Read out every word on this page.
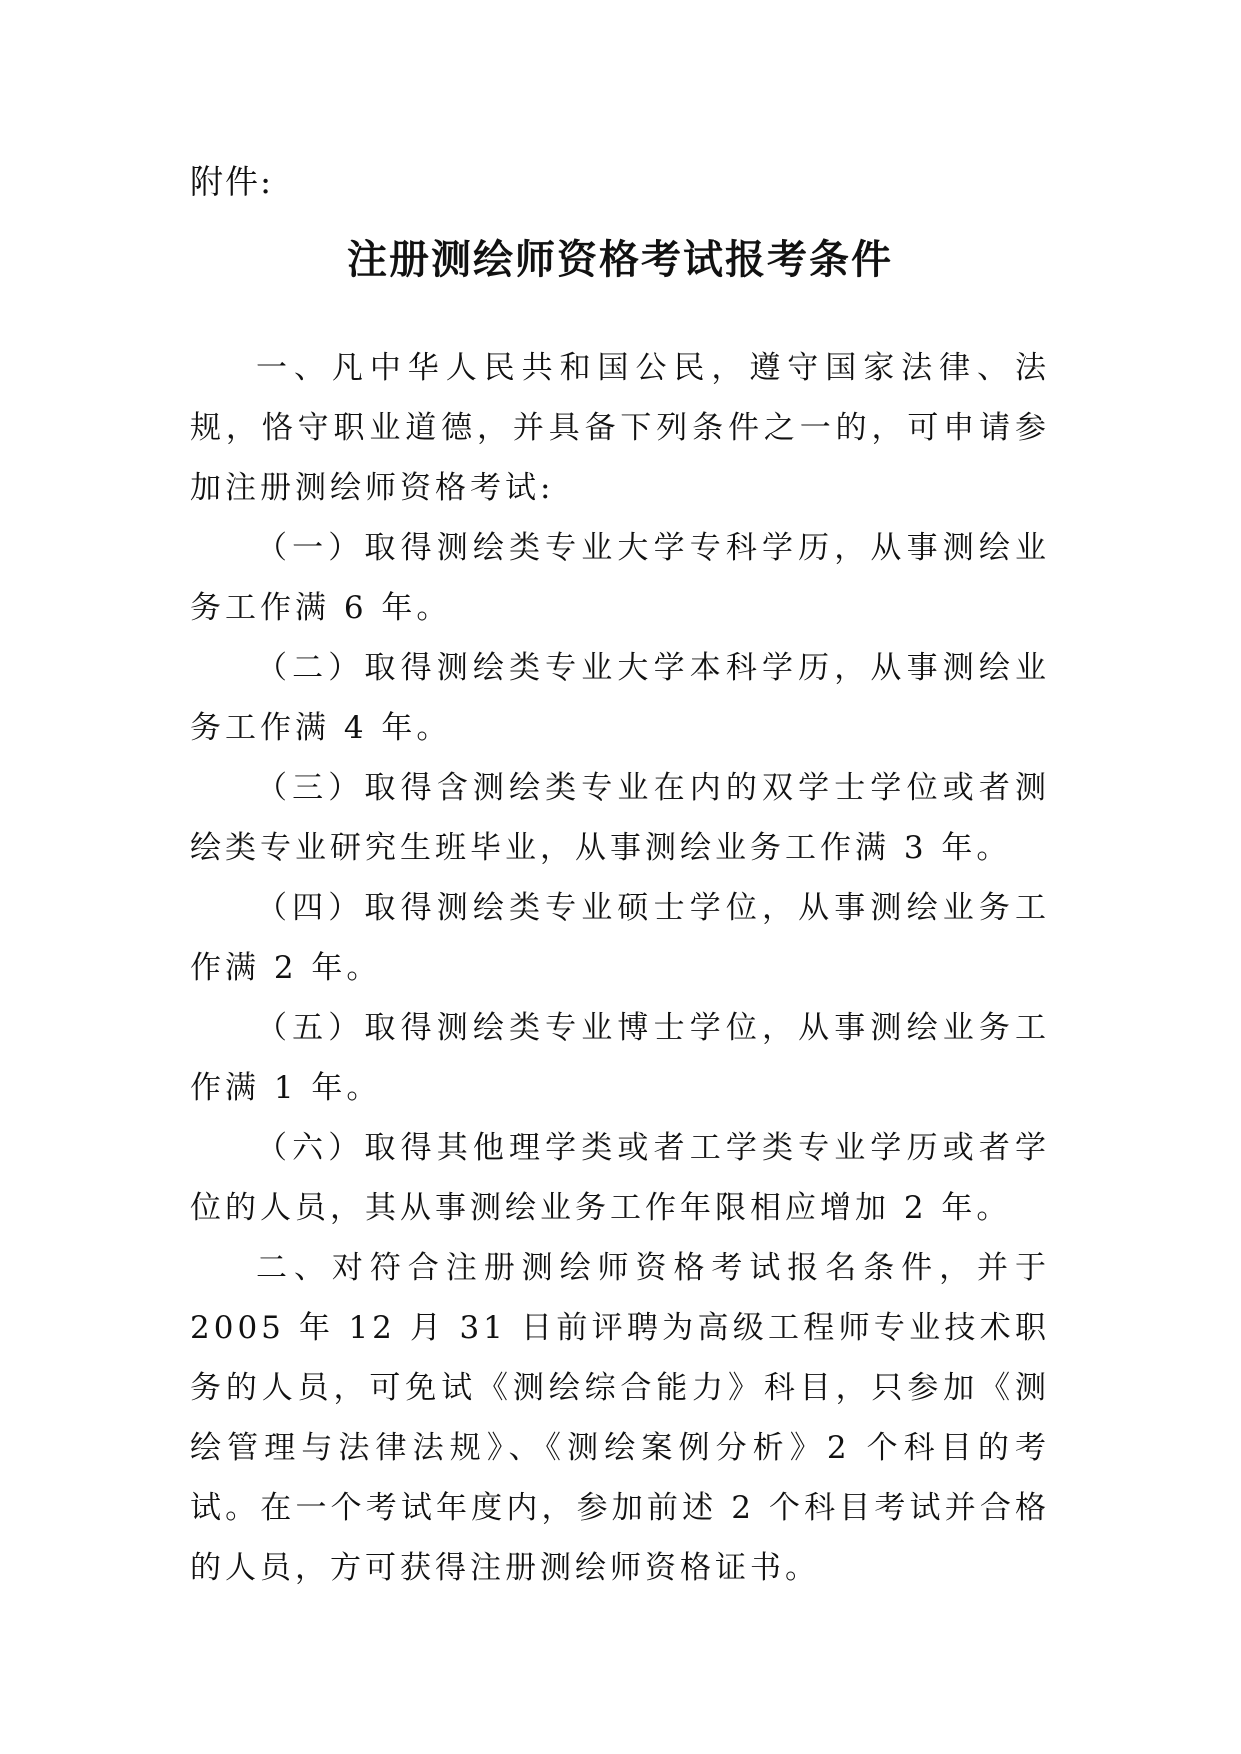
附件:
注册测绘师资格考试报考条件

一、凡中华人民共和国公民，遵守国家法律、法规，恪守职业道德，并具备下列条件之一的，可申请参加注册测绘师资格考试:

（一）取得测绘类专业大学专科学历，从事测绘业务工作满 6 年。

（二）取得测绘类专业大学本科学历，从事测绘业务工作满 4 年。

（三）取得含测绘类专业在内的双学士学位或者测绘类专业研究生班毕业，从事测绘业务工作满 3 年。

（四）取得测绘类专业硕士学位，从事测绘业务工作满 2 年。

（五）取得测绘类专业博士学位，从事测绘业务工作满 1 年。

（六）取得其他理学类或者工学类专业学历或者学位的人员，其从事测绘业务工作年限相应增加 2 年。

二、对符合注册测绘师资格考试报名条件，并于 2005 年 12 月 31 日前评聘为高级工程师专业技术职务的人员，可免试《测绘综合能力》科目，只参加《测绘管理与法律法规》、《测绘案例分析》2 个科目的考试。在一个考试年度内，参加前述 2 个科目考试并合格的人员，方可获得注册测绘师资格证书。
